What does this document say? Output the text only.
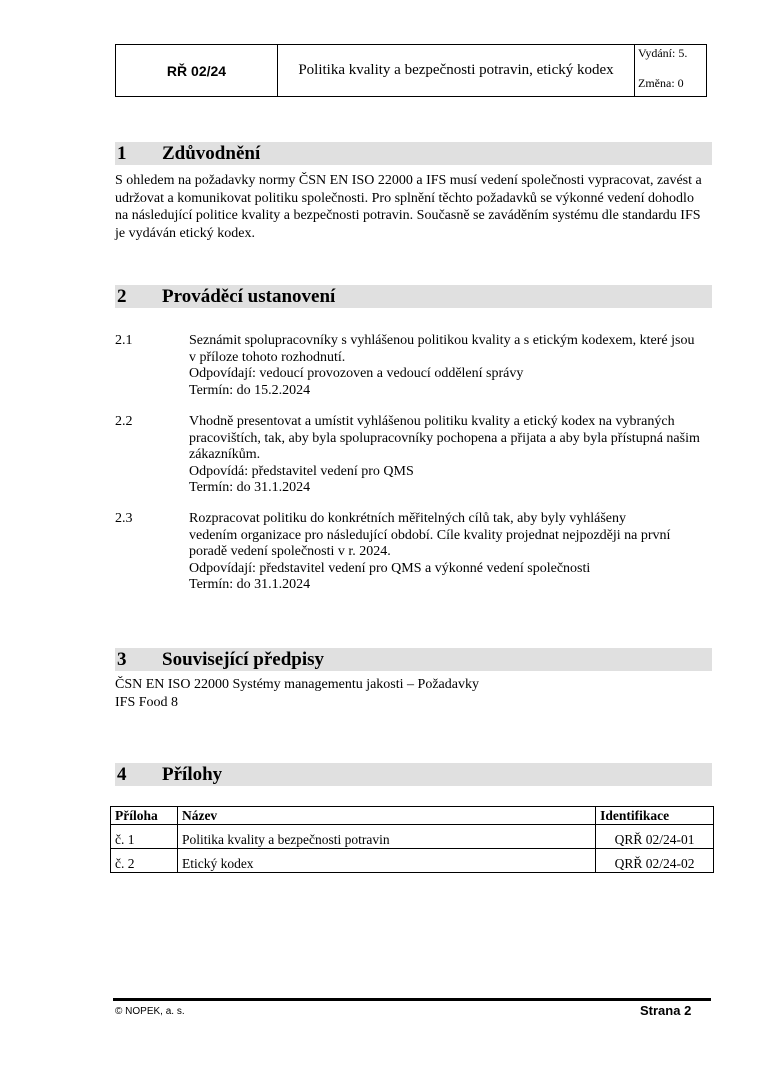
RŘ 02/24	Politika kvality a bezpečnosti potravin, etický kodex
Vydání: 5.
Změna: 0
1 Zdůvodnění
S ohledem na požadavky normy ČSN EN ISO 22000 a IFS musí vedení společnosti vypracovat, zavést a
udržovat a komunikovat politiku společnosti. Pro splnění těchto požadavků se výkonné vedení dohodlo
na následující politice kvality a bezpečnosti potravin. Současně se zaváděním systému dle standardu IFS
je vydáván etický kodex.
2 Prováděcí ustanovení
2.1	Seznámit spolupracovníky s vyhlášenou politikou kvality a s etickým kodexem, které jsou
v příloze tohoto rozhodnutí.
Odpovídají: vedoucí provozoven a vedoucí oddělení správy
Termín: do 15.2.2024
2.2	Vhodně presentovat a umístit vyhlášenou politiku kvality a etický kodex na vybraných
pracovištích, tak, aby byla spolupracovníky pochopena a přijata a aby byla přístupná našim
zákazníkům.
Odpovídá: představitel vedení pro QMS
Termín: do 31.1.2024
2.3	Rozpracovat politiku do konkrétních měřitelných cílů tak, aby byly vyhlášeny
vedením organizace pro následující období. Cíle kvality projednat nejpozději na první
poradě vedení společnosti v r. 2024.
Odpovídají: představitel vedení pro QMS a výkonné vedení společnosti
Termín: do 31.1.2024
3 Související předpisy
ČSN EN ISO 22000 Systémy managementu jakosti – Požadavky
IFS Food 8
4 Přílohy
Příloha	Název	Identifikace
č. 1	Politika kvality a bezpečnosti potravin	QRŘ 02/24-01
č. 2	Etický kodex	QRŘ 02/24-02
© NOPEK, a. s.	Strana 2
